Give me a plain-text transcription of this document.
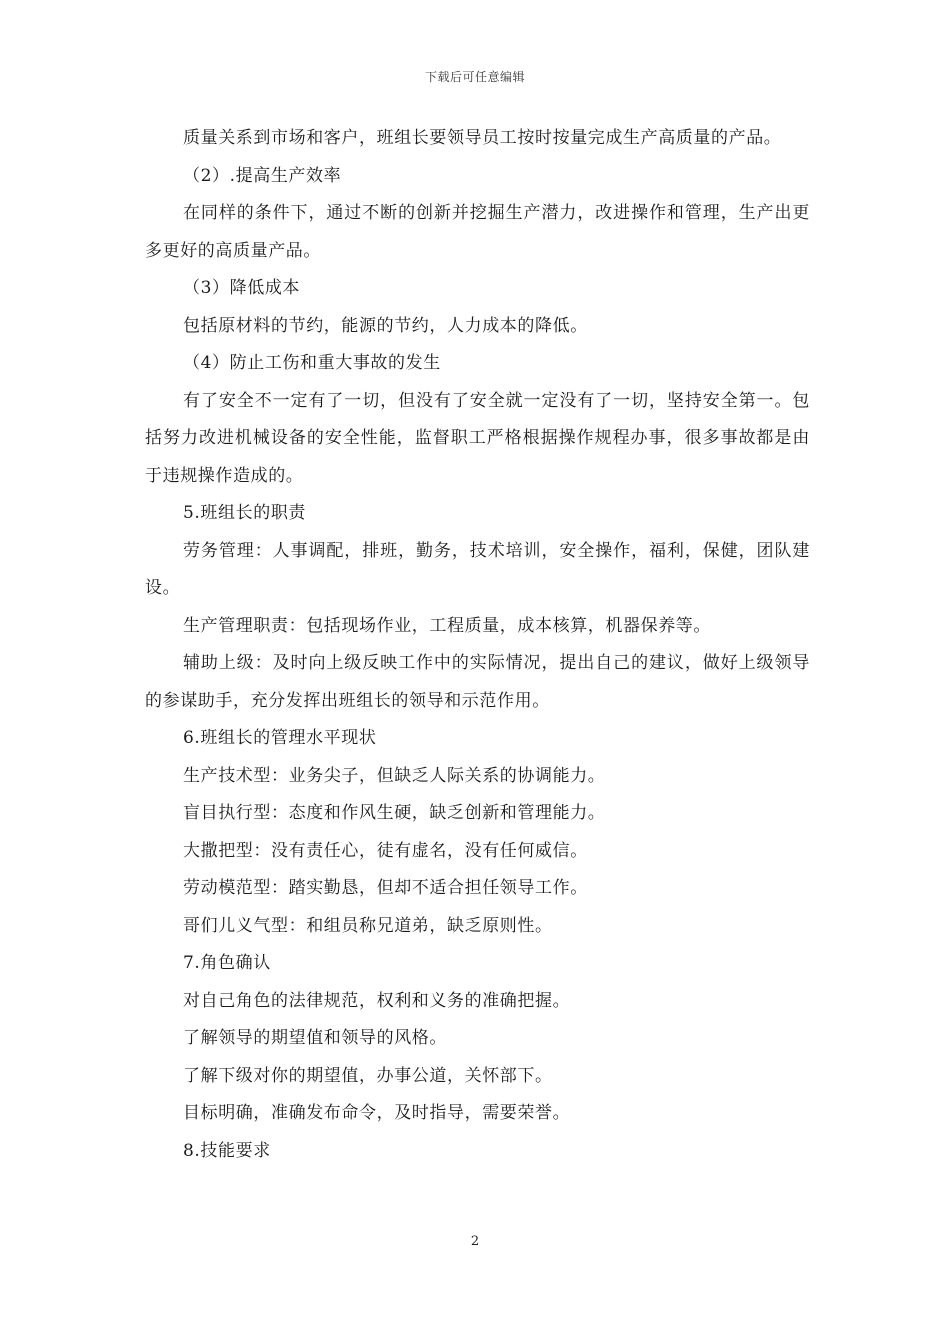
下载后可任意编辑

质量关系到市场和客户，班组长要领导员工按时按量完成生产高质量的产品。

（2）.提高生产效率

在同样的条件下，通过不断的创新并挖掘生产潜力，改进操作和管理，生产出更多更好的高质量产品。

（3）降低成本

包括原材料的节约，能源的节约，人力成本的降低。

（4）防止工伤和重大事故的发生

有了安全不一定有了一切，但没有了安全就一定没有了一切，坚持安全第一。包括努力改进机械设备的安全性能，监督职工严格根据操作规程办事，很多事故都是由于违规操作造成的。

5.班组长的职责

劳务管理：人事调配，排班，勤务，技术培训，安全操作，福利，保健，团队建设。

生产管理职责：包括现场作业，工程质量，成本核算，机器保养等。

辅助上级：及时向上级反映工作中的实际情况，提出自己的建议，做好上级领导的参谋助手，充分发挥出班组长的领导和示范作用。

6.班组长的管理水平现状

生产技术型：业务尖子，但缺乏人际关系的协调能力。

盲目执行型：态度和作风生硬，缺乏创新和管理能力。

大撒把型：没有责任心，徒有虚名，没有任何威信。

劳动模范型：踏实勤恳，但却不适合担任领导工作。

哥们儿义气型：和组员称兄道弟，缺乏原则性。

7.角色确认

对自己角色的法律规范，权利和义务的准确把握。

了解领导的期望值和领导的风格。

了解下级对你的期望值，办事公道，关怀部下。

目标明确，准确发布命令，及时指导，需要荣誉。

8.技能要求

2
